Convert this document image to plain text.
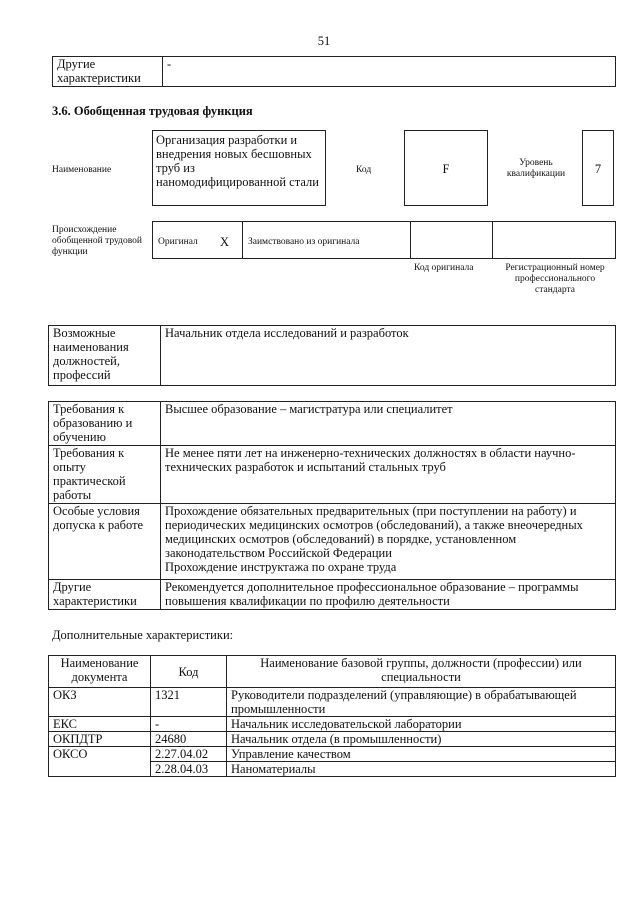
51
Другие характеристики	-
3.6. Обобщенная трудовая функция
Наименование
Организация разработки и внедрения новых бесшовных труб из наномодифицированной стали
Код	F	Уровень квалификации	7
Происхождение обобщенной трудовой функции
Оригинал X Заимствовано из оригинала
Код оригинала	Регистрационный номер профессионального стандарта
Возможные наименования должностей, профессий	Начальник отдела исследований и разработок
Требования к образованию и обучению	Высшее образование – магистратура или специалитет
Требования к опыту практической работы	Не менее пяти лет на инженерно-технических должностях в области научно-технических разработок и испытаний стальных труб
Особые условия допуска к работе	Прохождение обязательных предварительных (при поступлении на работу) и периодических медицинских осмотров (обследований), а также внеочередных медицинских осмотров (обследований) в порядке, установленном законодательством Российской Федерации
Прохождение инструктажа по охране труда

Другие характеристики	Рекомендуется дополнительное профессиональное образование – программы повышения квалификации по профилю деятельности
Дополнительные характеристики:
Наименование документа	Код	Наименование базовой группы, должности (профессии) или специальности
ОКЗ	1321	Руководители подразделений (управляющие) в обрабатывающей промышленности
ЕКС	-	Начальник исследовательской лаборатории
ОКПДТР	24680	Начальник отдела (в промышленности)
ОКСО	2.27.04.02	Управление качеством
	2.28.04.03	Наноматериалы
